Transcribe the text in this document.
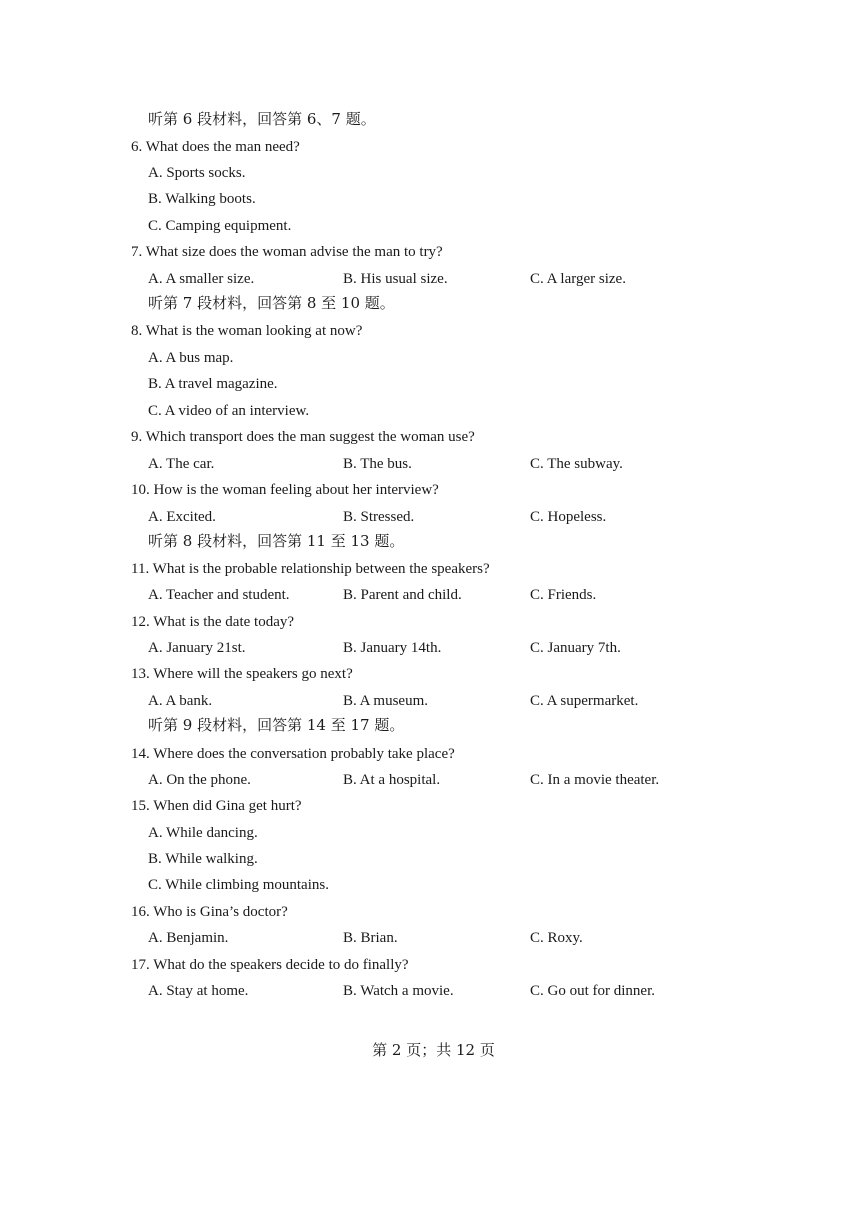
听第 6 段材料，回答第 6、7 题。
6. What does the man need?
A. Sports socks.
B. Walking boots.
C. Camping equipment.
7. What size does the woman advise the man to try?
A. A smaller size.	B. His usual size.	C. A larger size.
听第 7 段材料，回答第 8 至 10 题。
8. What is the woman looking at now?
A. A bus map.
B. A travel magazine.
C. A video of an interview.
9. Which transport does the man suggest the woman use?
A. The car.	B. The bus.	C. The subway.
10. How is the woman feeling about her interview?
A. Excited.	B. Stressed.	C. Hopeless.
听第 8 段材料，回答第 11 至 13 题。
11. What is the probable relationship between the speakers?
A. Teacher and student.	B. Parent and child.	C. Friends.
12. What is the date today?
A. January 21st.	B. January 14th.	C. January 7th.
13. Where will the speakers go next?
A. A bank.	B. A museum.	C. A supermarket.
听第 9 段材料，回答第 14 至 17 题。
14. Where does the conversation probably take place?
A. On the phone.	B. At a hospital.	C. In a movie theater.
15. When did Gina get hurt?
A. While dancing.
B. While walking.
C. While climbing mountains.
16. Who is Gina’s doctor?
A. Benjamin.	B. Brian.	C. Roxy.
17. What do the speakers decide to do finally?
A. Stay at home.	B. Watch a movie.	C. Go out for dinner.
第 2 页；共 12 页
